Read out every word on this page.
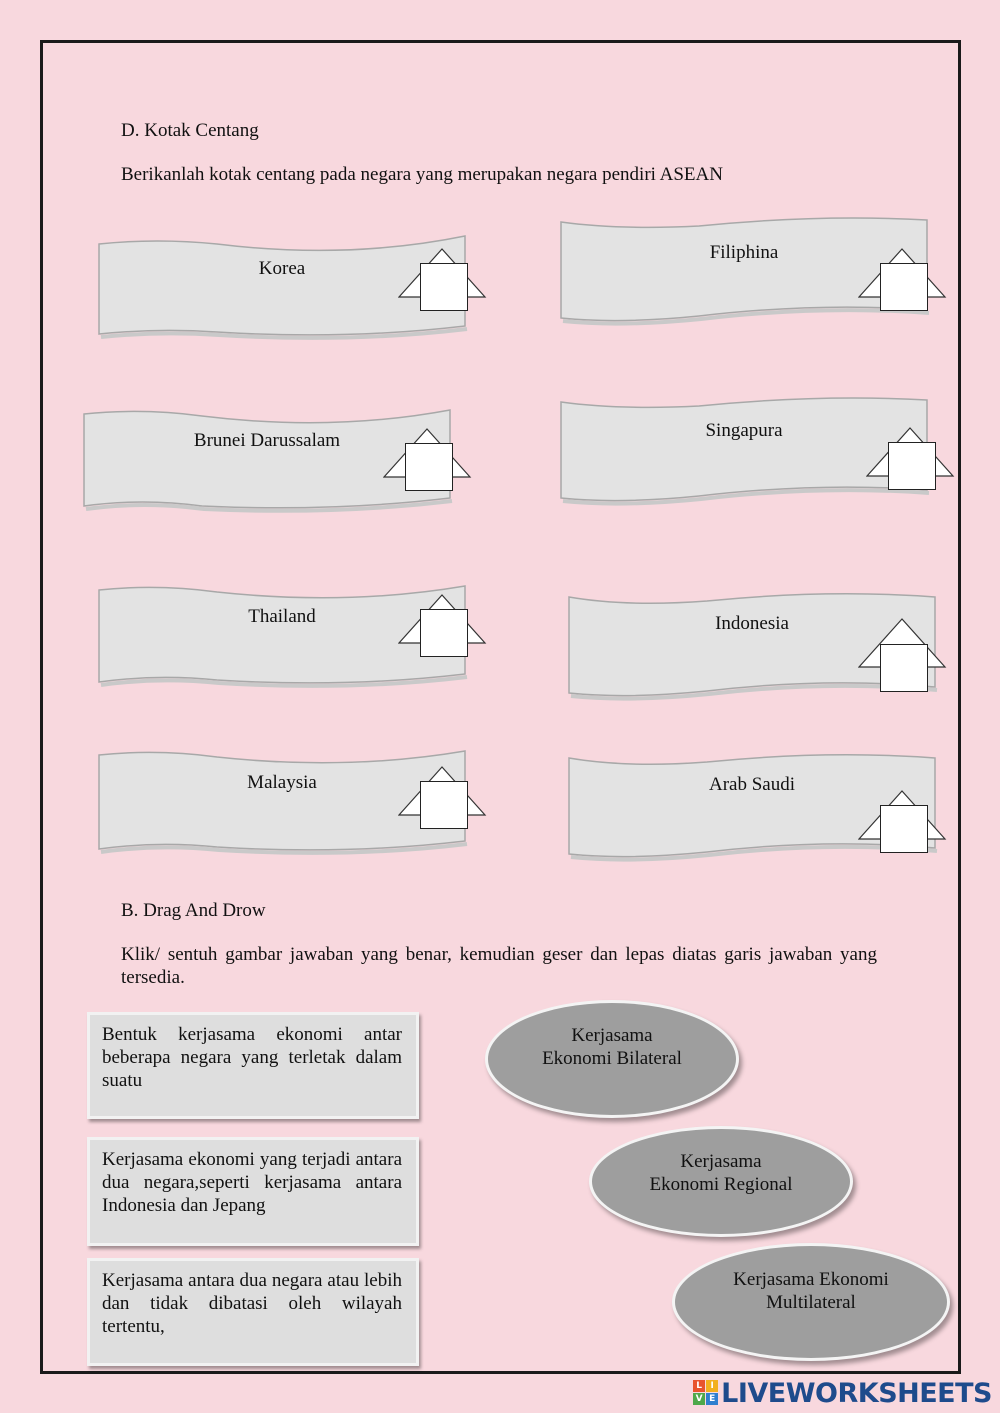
D. Kotak Centang

Berikanlah kotak centang pada negara yang merupakan negara pendiri ASEAN

Korea
Filiphina
Brunei Darussalam	Singapura
Thailand	Indonesia
Malaysia	Arab Saudi

B. Drag And Drow

Klik/ sentuh gambar jawaban yang benar, kemudian geser dan lepas diatas garis jawaban yang tersedia.

Bentuk kerjasama ekonomi antar beberapa negara yang terletak dalam suatu
Kerjasama ekonomi yang terjadi antara dua negara,seperti kerjasama antara Indonesia dan Jepang
Kerjasama antara dua negara atau lebih dan tidak dibatasi oleh wilayah tertentu,
Kerjasama
Ekonomi Bilateral
Kerjasama
Ekonomi Regional
Kerjasama Ekonomi
Multilateral
L I
V E LIVEWORKSHEETS
